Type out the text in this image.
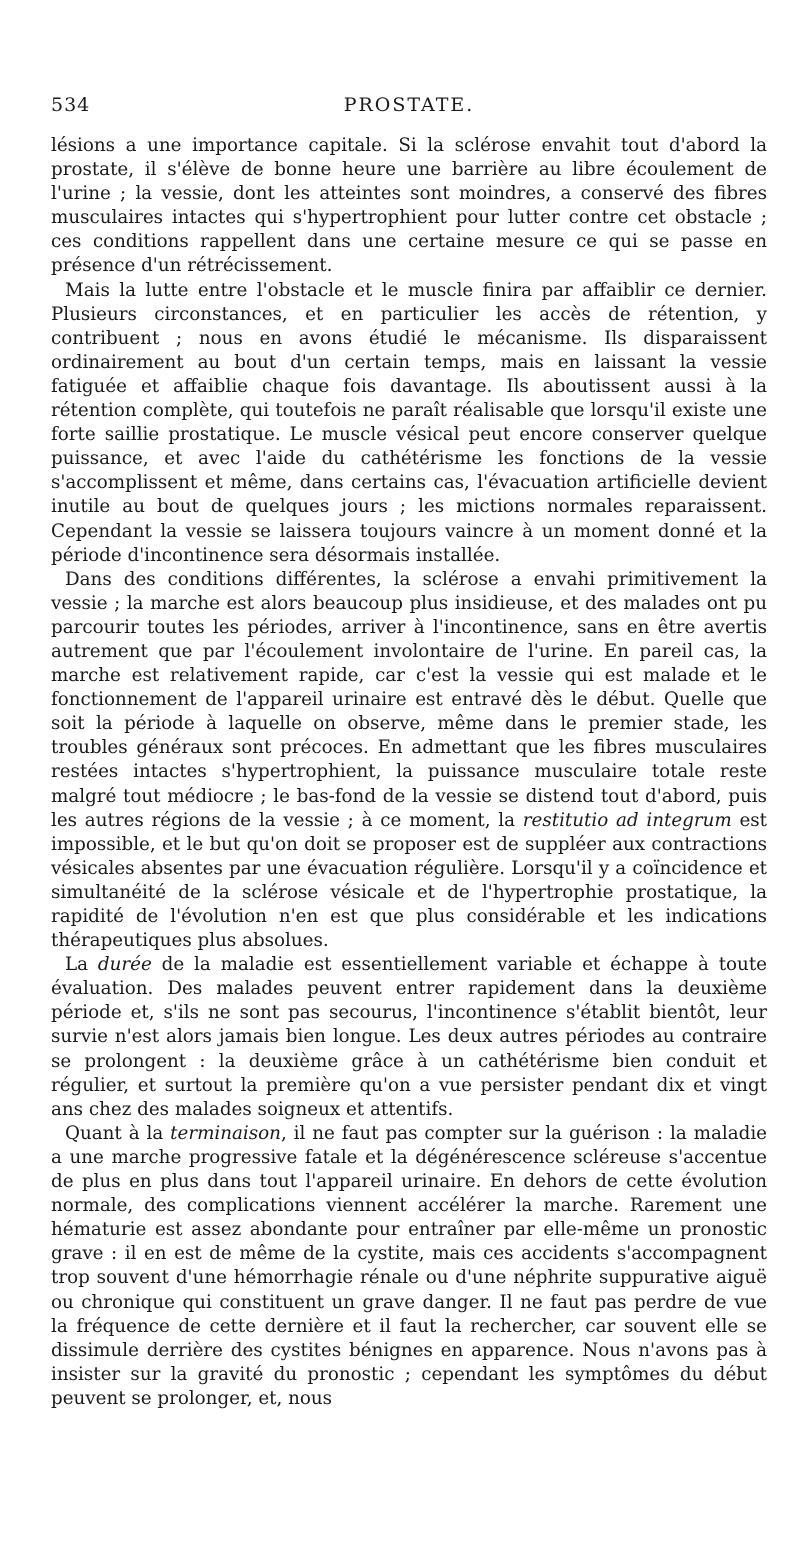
534	PROSTATE.

lésions a une importance capitale. Si la sclérose envahit tout d'abord la prostate, il s'élève de bonne heure une barrière au libre écoulement de l'urine ; la vessie, dont les atteintes sont moindres, a conservé des fibres musculaires intactes qui s'hypertrophient pour lutter contre cet obstacle ; ces conditions rappellent dans une certaine mesure ce qui se passe en présence d'un rétrécissement.

Mais la lutte entre l'obstacle et le muscle finira par affaiblir ce dernier. Plusieurs circonstances, et en particulier les accès de rétention, y contribuent ; nous en avons étudié le mécanisme. Ils disparaissent ordinairement au bout d'un certain temps, mais en laissant la vessie fatiguée et affaiblie chaque fois davantage. Ils aboutissent aussi à la rétention complète, qui toutefois ne paraît réalisable que lorsqu'il existe une forte saillie prostatique. Le muscle vésical peut encore conserver quelque puissance, et avec l'aide du cathétérisme les fonctions de la vessie s'accomplissent et même, dans certains cas, l'évacuation artificielle devient inutile au bout de quelques jours ; les mictions normales reparaissent. Cependant la vessie se laissera toujours vaincre à un moment donné et la période d'incontinence sera désormais installée.

Dans des conditions différentes, la sclérose a envahi primitivement la vessie ; la marche est alors beaucoup plus insidieuse, et des malades ont pu parcourir toutes les périodes, arriver à l'incontinence, sans en être avertis autrement que par l'écoulement involontaire de l'urine. En pareil cas, la marche est relativement rapide, car c'est la vessie qui est malade et le fonctionnement de l'appareil urinaire est entravé dès le début. Quelle que soit la période à laquelle on observe, même dans le premier stade, les troubles généraux sont précoces. En admettant que les fibres musculaires restées intactes s'hypertrophient, la puissance musculaire totale reste malgré tout médiocre ; le bas-fond de la vessie se distend tout d'abord, puis les autres régions de la vessie ; à ce moment, la restitutio ad integrum est impossible, et le but qu'on doit se proposer est de suppléer aux contractions vésicales absentes par une évacuation régulière. Lorsqu'il y a coïncidence et simultanéité de la sclérose vésicale et de l'hypertrophie prostatique, la rapidité de l'évolution n'en est que plus considérable et les indications thérapeutiques plus absolues.

La durée de la maladie est essentiellement variable et échappe à toute évaluation. Des malades peuvent entrer rapidement dans la deuxième période et, s'ils ne sont pas secourus, l'incontinence s'établit bientôt, leur survie n'est alors jamais bien longue. Les deux autres périodes au contraire se prolongent : la deuxième grâce à un cathétérisme bien conduit et régulier, et surtout la première qu'on a vue persister pendant dix et vingt ans chez des malades soigneux et attentifs.

Quant à la terminaison, il ne faut pas compter sur la guérison : la maladie a une marche progressive fatale et la dégénérescence scléreuse s'accentue de plus en plus dans tout l'appareil urinaire. En dehors de cette évolution normale, des complications viennent accélérer la marche. Rarement une hématurie est assez abondante pour entraîner par elle-même un pronostic grave : il en est de même de la cystite, mais ces accidents s'accompagnent trop souvent d'une hémorrhagie rénale ou d'une néphrite suppurative aiguë ou chronique qui constituent un grave danger. Il ne faut pas perdre de vue la fréquence de cette dernière et il faut la rechercher, car souvent elle se dissimule derrière des cystites bénignes en apparence. Nous n'avons pas à insister sur la gravité du pronostic ; cependant les symptômes du début peuvent se prolonger, et, nous
